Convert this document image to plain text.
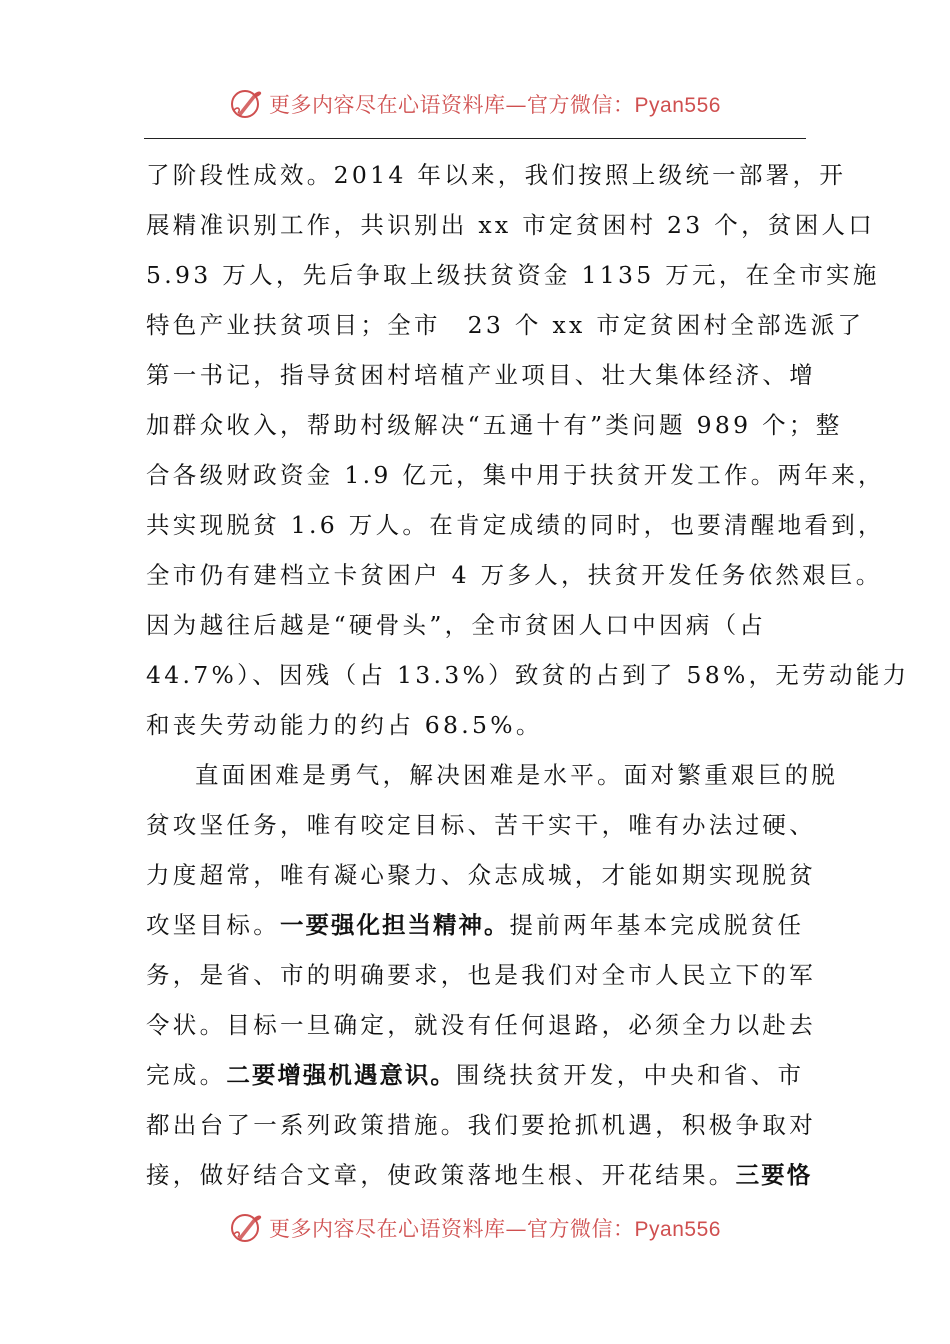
更多内容尽在心语资料库—官方微信：Pyan556
了阶段性成效。2014 年以来，我们按照上级统一部署，开
展精准识别工作，共识别出 xx 市定贫困村 23 个，贫困人口
5.93 万人，先后争取上级扶贫资金 1135 万元，在全市实施
特色产业扶贫项目；全市　23 个 xx 市定贫困村全部选派了
第一书记，指导贫困村培植产业项目、壮大集体经济、增
加群众收入，帮助村级解决“五通十有”类问题 989 个；整
合各级财政资金 1.9 亿元，集中用于扶贫开发工作。两年来，
共实现脱贫 1.6 万人。在肯定成绩的同时，也要清醒地看到，
全市仍有建档立卡贫困户 4 万多人，扶贫开发任务依然艰巨。
因为越往后越是“硬骨头”，全市贫困人口中因病（占
44.7%）、因残（占 13.3%）致贫的占到了 58%，无劳动能力
和丧失劳动能力的约占 68.5%。
直面困难是勇气，解决困难是水平。面对繁重艰巨的脱
贫攻坚任务，唯有咬定目标、苦干实干，唯有办法过硬、
力度超常，唯有凝心聚力、众志成城，才能如期实现脱贫
攻坚目标。一要强化担当精神。提前两年基本完成脱贫任
务，是省、市的明确要求，也是我们对全市人民立下的军
令状。目标一旦确定，就没有任何退路，必须全力以赴去
完成。二要增强机遇意识。围绕扶贫开发，中央和省、市
都出台了一系列政策措施。我们要抢抓机遇，积极争取对
接，做好结合文章，使政策落地生根、开花结果。三要恪
更多内容尽在心语资料库—官方微信：Pyan556
